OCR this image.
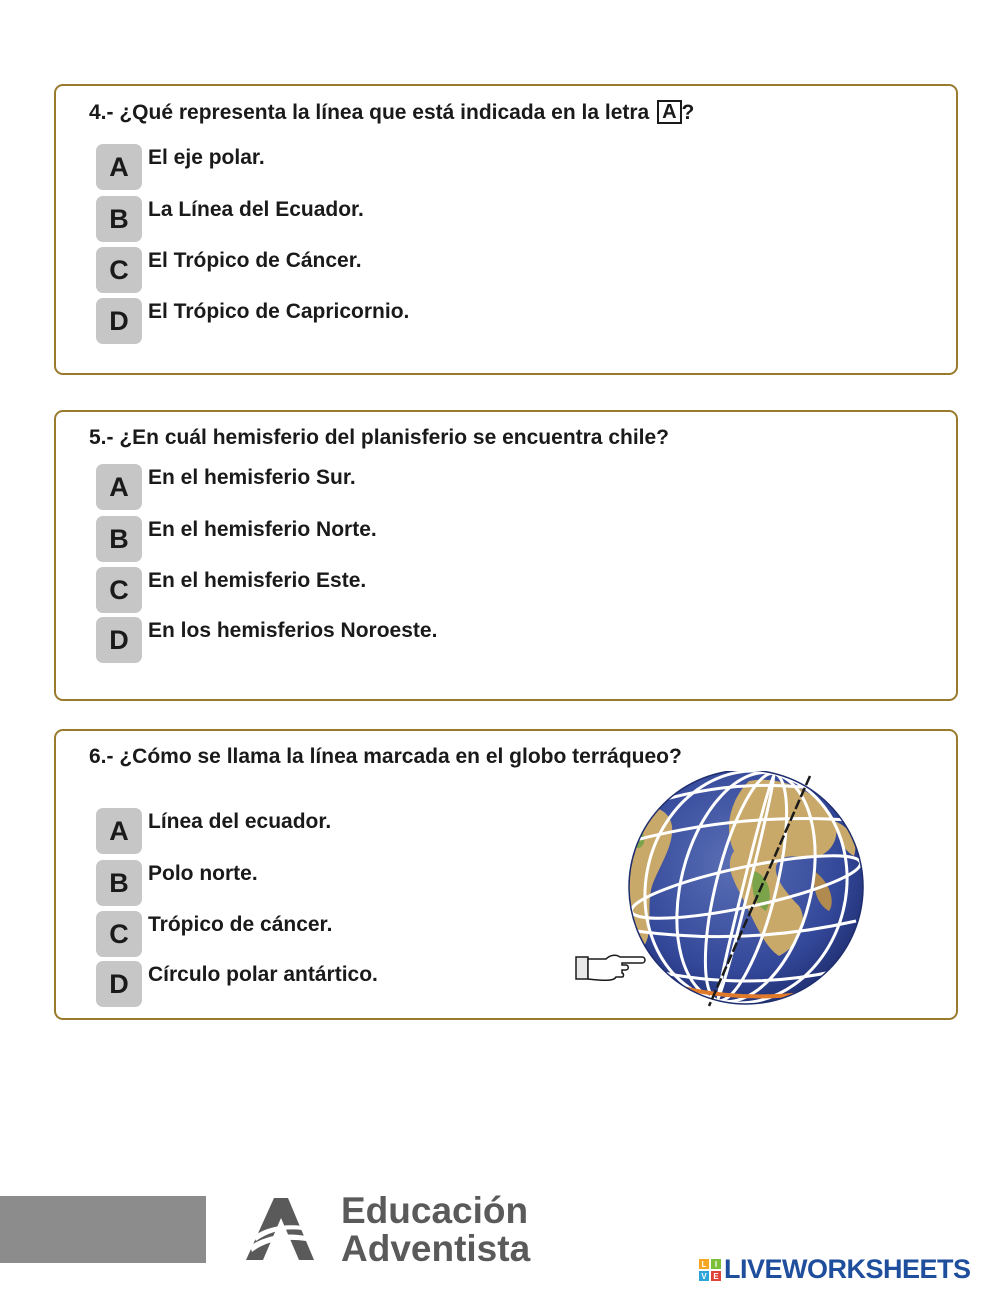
4.- ¿Qué representa la línea que está indicada en la letra A ?
A El eje polar.
B La Línea del Ecuador.
C El Trópico de Cáncer.
D El Trópico de Capricornio.
5.- ¿En cuál hemisferio del planisferio se encuentra chile?
A En el hemisferio Sur.
B En el hemisferio Norte.
C En el hemisferio Este.
D En los hemisferios Noroeste.
6.- ¿Cómo se llama la línea marcada en el globo terráqueo?
A Línea del ecuador.
B Polo norte.
C Trópico de cáncer.
D Círculo polar antártico.
Educación
Adventista	L I
V E LIVEWORKSHEETS
